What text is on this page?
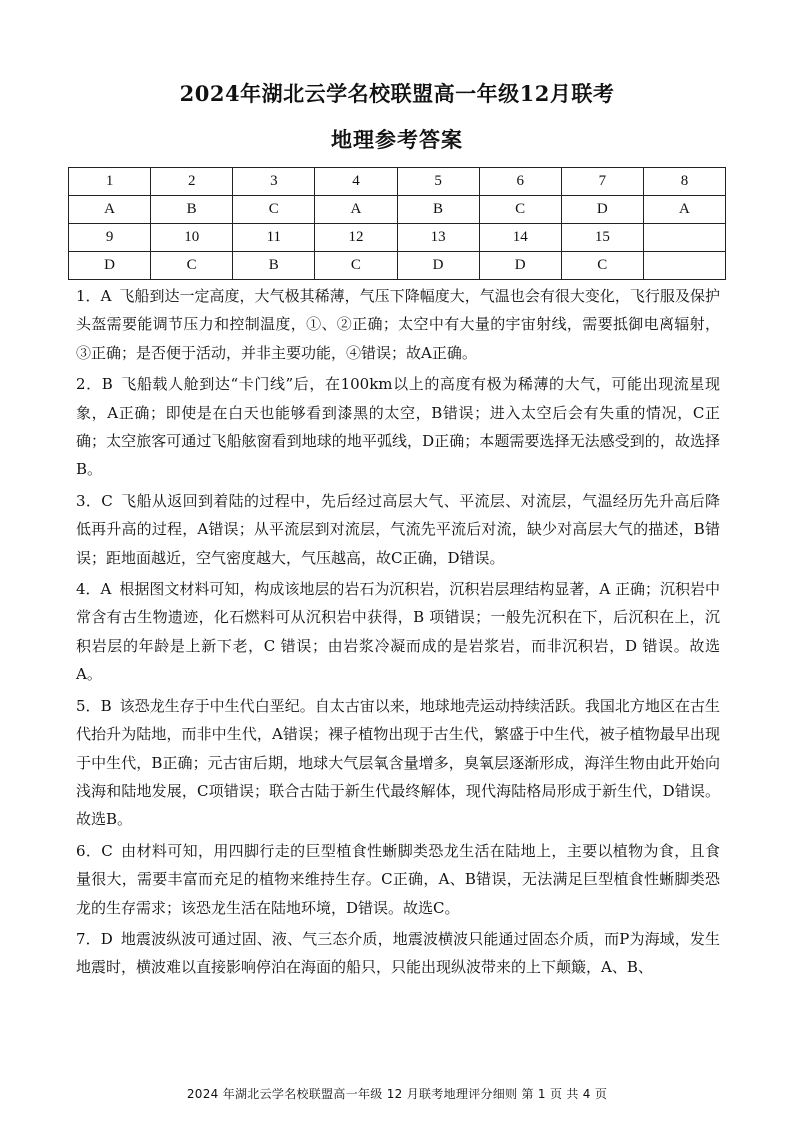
2024年湖北云学名校联盟高一年级12月联考
地理参考答案
1	2	3	4	5	6	7	8
A	B	C	A	B	C	D	A
9	10	11	12	13	14	15	
D	C	B	C	D	D	C	

1．A 飞船到达一定高度，大气极其稀薄，气压下降幅度大，气温也会有很大变化，飞行服及保护头盔需要能调节压力和控制温度，①、②正确；太空中有大量的宇宙射线，需要抵御电离辐射，③正确；是否便于活动，并非主要功能，④错误；故A正确。

2．B 飞船载人舱到达“卡门线”后，在100km以上的高度有极为稀薄的大气，可能出现流星现象，A正确；即使是在白天也能够看到漆黑的太空，B错误；进入太空后会有失重的情况，C正确；太空旅客可通过飞船舷窗看到地球的地平弧线，D正确；本题需要选择无法感受到的，故选择B。

3．C 飞船从返回到着陆的过程中，先后经过高层大气、平流层、对流层，气温经历先升高后降低再升高的过程，A错误；从平流层到对流层，气流先平流后对流，缺少对高层大气的描述，B错误；距地面越近，空气密度越大，气压越高，故C正确，D错误。

4．A 根据图文材料可知，构成该地层的岩石为沉积岩，沉积岩层理结构显著，A 正确；沉积岩中常含有古生物遗迹，化石燃料可从沉积岩中获得，B 项错误；一般先沉积在下，后沉积在上，沉积岩层的年龄是上新下老，C 错误；由岩浆冷凝而成的是岩浆岩，而非沉积岩，D 错误。故选 A。

5．B 该恐龙生存于中生代白垩纪。自太古宙以来，地球地壳运动持续活跃。我国北方地区在古生代抬升为陆地，而非中生代，A错误；裸子植物出现于古生代，繁盛于中生代，被子植物最早出现于中生代，B正确；元古宙后期，地球大气层氧含量增多，臭氧层逐渐形成，海洋生物由此开始向浅海和陆地发展，C项错误；联合古陆于新生代最终解体，现代海陆格局形成于新生代，D错误。故选B。

6．C 由材料可知，用四脚行走的巨型植食性蜥脚类恐龙生活在陆地上，主要以植物为食，且食量很大，需要丰富而充足的植物来维持生存。C正确，A、B错误，无法满足巨型植食性蜥脚类恐龙的生存需求；该恐龙生活在陆地环境，D错误。故选C。

7．D 地震波纵波可通过固、液、气三态介质，地震波横波只能通过固态介质，而P为海域，发生地震时，横波难以直接影响停泊在海面的船只，只能出现纵波带来的上下颠簸，A、B、

2024 年湖北云学名校联盟高一年级 12 月联考地理评分细则 第 1 页 共 4 页
